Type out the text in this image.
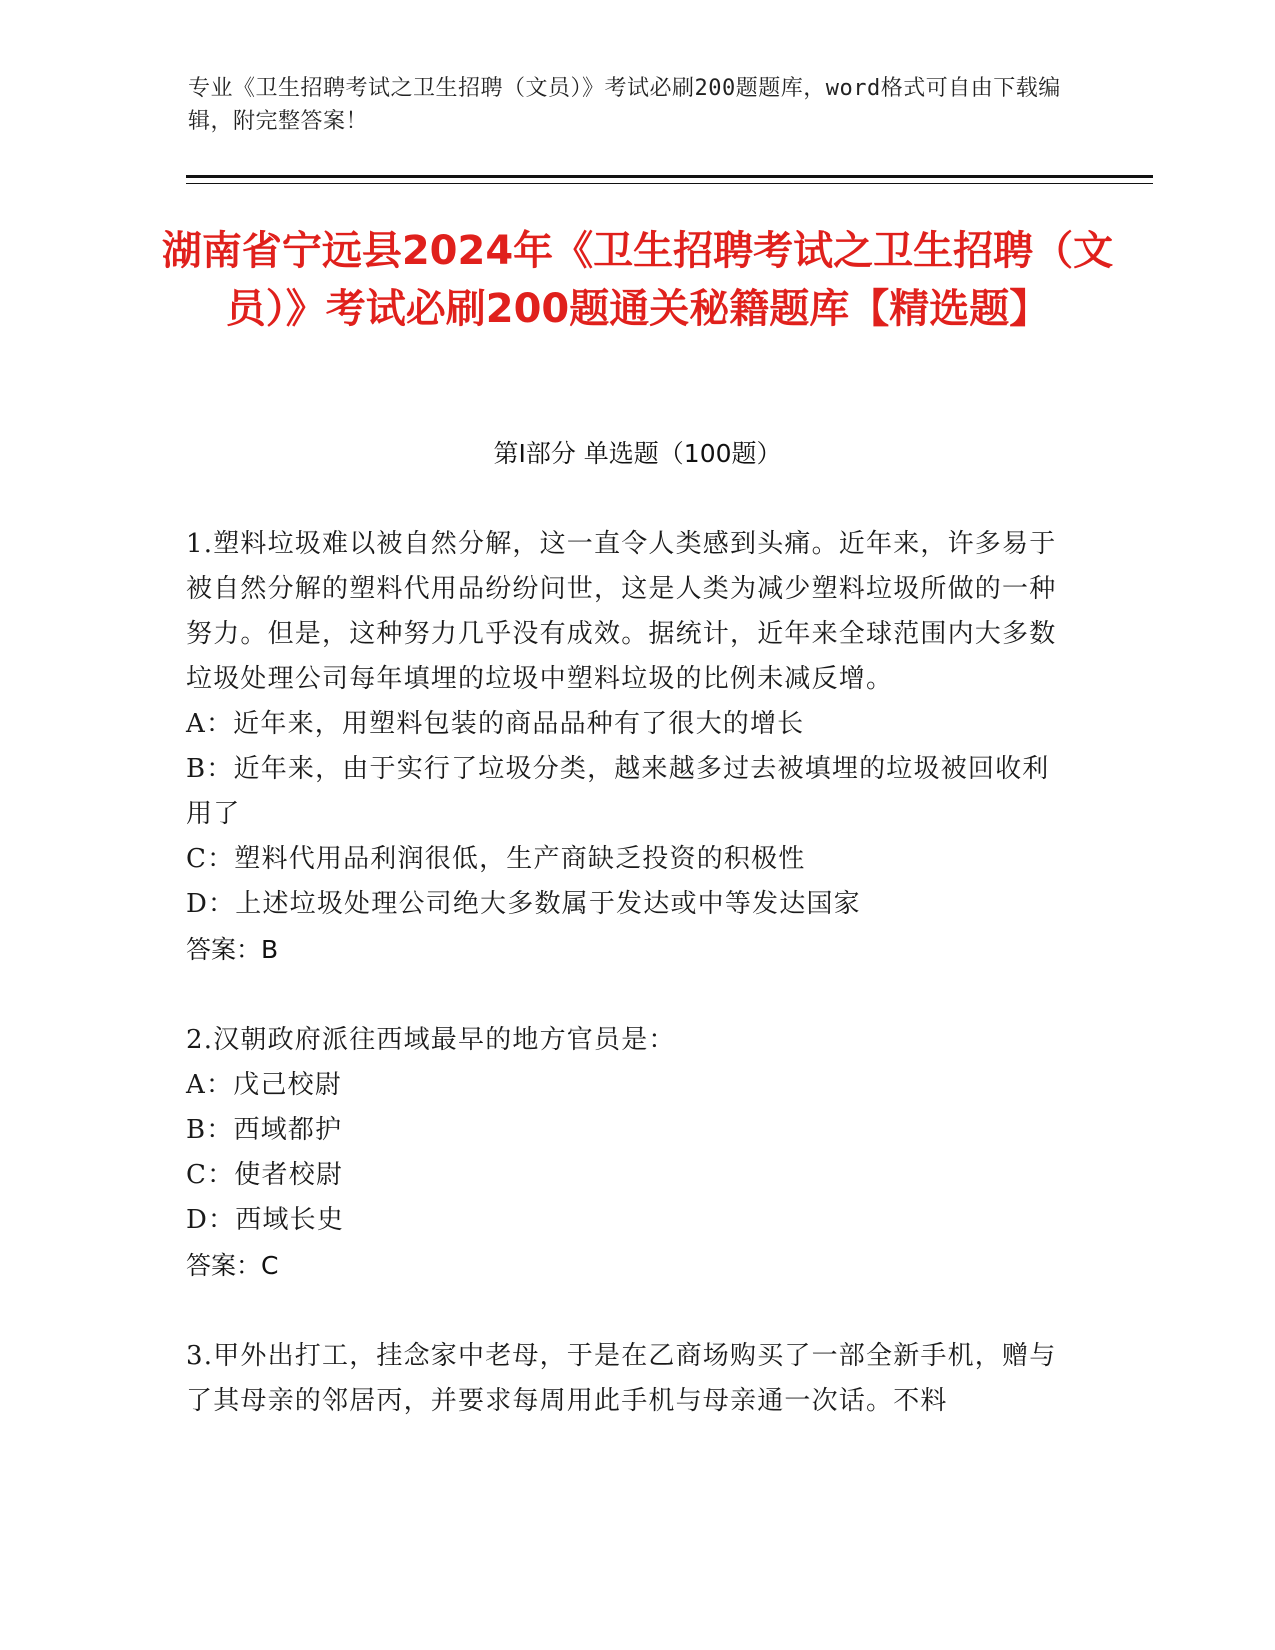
专业《卫生招聘考试之卫生招聘（文员）》考试必刷200题题库，word格式可自由下载编辑，附完整答案！
湖南省宁远县2024年《卫生招聘考试之卫生招聘（文员）》考试必刷200题通关秘籍题库【精选题】
第Ⅰ部分 单选题（100题）

1.塑料垃圾难以被自然分解，这一直令人类感到头痛。近年来，许多易于被自然分解的塑料代用品纷纷问世，这是人类为减少塑料垃圾所做的一种努力。但是，这种努力几乎没有成效。据统计，近年来全球范围内大多数垃圾处理公司每年填埋的垃圾中塑料垃圾的比例未减反增。

A：近年来，用塑料包装的商品品种有了很大的增长

B：近年来，由于实行了垃圾分类，越来越多过去被填埋的垃圾被回收利用了

C：塑料代用品利润很低，生产商缺乏投资的积极性

D：上述垃圾处理公司绝大多数属于发达或中等发达国家

答案：B

2.汉朝政府派往西域最早的地方官员是：

A：戊己校尉

B：西域都护

C：使者校尉

D：西域长史

答案：C

3.甲外出打工，挂念家中老母，于是在乙商场购买了一部全新手机，赠与了其母亲的邻居丙，并要求每周用此手机与母亲通一次话。不料
